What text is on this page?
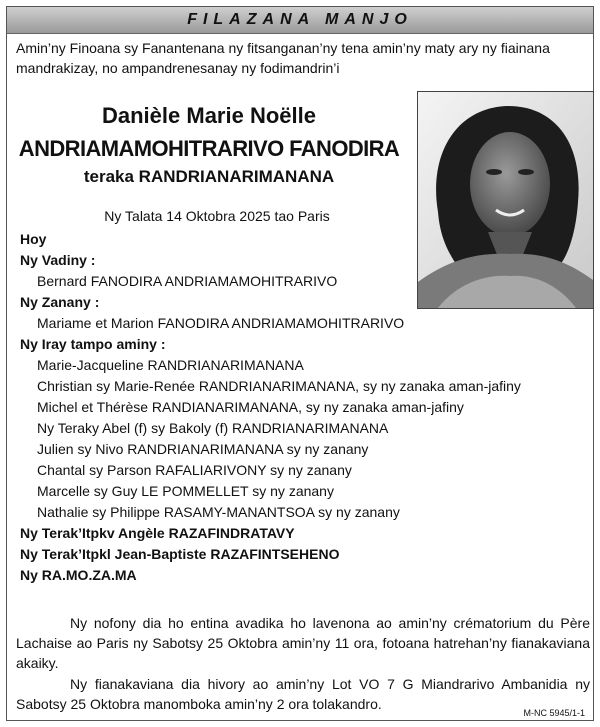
FILAZANA MANJO
Amin’ny Finoana sy Fanantenana ny fitsanganan’ny tena amin’ny maty ary ny fiainana mandrakizay, no ampandrenesanay ny fodimandrin’i
Danièle Marie Noëlle
ANDRIAMAMOHITRARIVO FANODIRA
teraka RANDRIANARIMANANA
Ny Talata 14 Oktobra 2025 tao Paris
Hoy
Ny Vadiny :
Bernard FANODIRA ANDRIAMAMOHITRARIVO
Ny Zanany :
Mariame et Marion FANODIRA ANDRIAMAMOHITRARIVO
Ny Iray tampo aminy :
Marie-Jacqueline RANDRIANARIMANANA
Christian sy Marie-Renée RANDRIANARIMANANA, sy ny zanaka aman-jafiny
Michel et Thérèse RANDIANARIMANANA, sy ny zanaka aman-jafiny
Ny Teraky Abel (f) sy Bakoly (f) RANDRIANARIMANANA
Julien sy Nivo RANDRIANARIMANANA sy ny zanany
Chantal sy Parson RAFALIARIVONY sy ny zanany
Marcelle sy Guy LE POMMELLET sy ny zanany
Nathalie sy Philippe RASAMY-MANANTSOA sy ny zanany
Ny Terak’Itpkv Angèle RAZAFINDRATAVY
Ny Terak’Itpkl Jean-Baptiste RAZAFINTSEHENO
Ny RA.MO.ZA.MA
Ny nofony dia ho entina avadika ho lavenona ao amin’ny crématorium du Père Lachaise ao Paris ny Sabotsy 25 Oktobra amin’ny 11 ora, fotoana hatrehan’ny fianakaviana akaiky.
Ny fianakaviana dia hivory ao amin’ny Lot VO 7 G Miandrarivo Ambanidia ny Sabotsy 25 Oktobra manomboka amin’ny 2 ora tolakandro.
M-NC 5945/1-1
